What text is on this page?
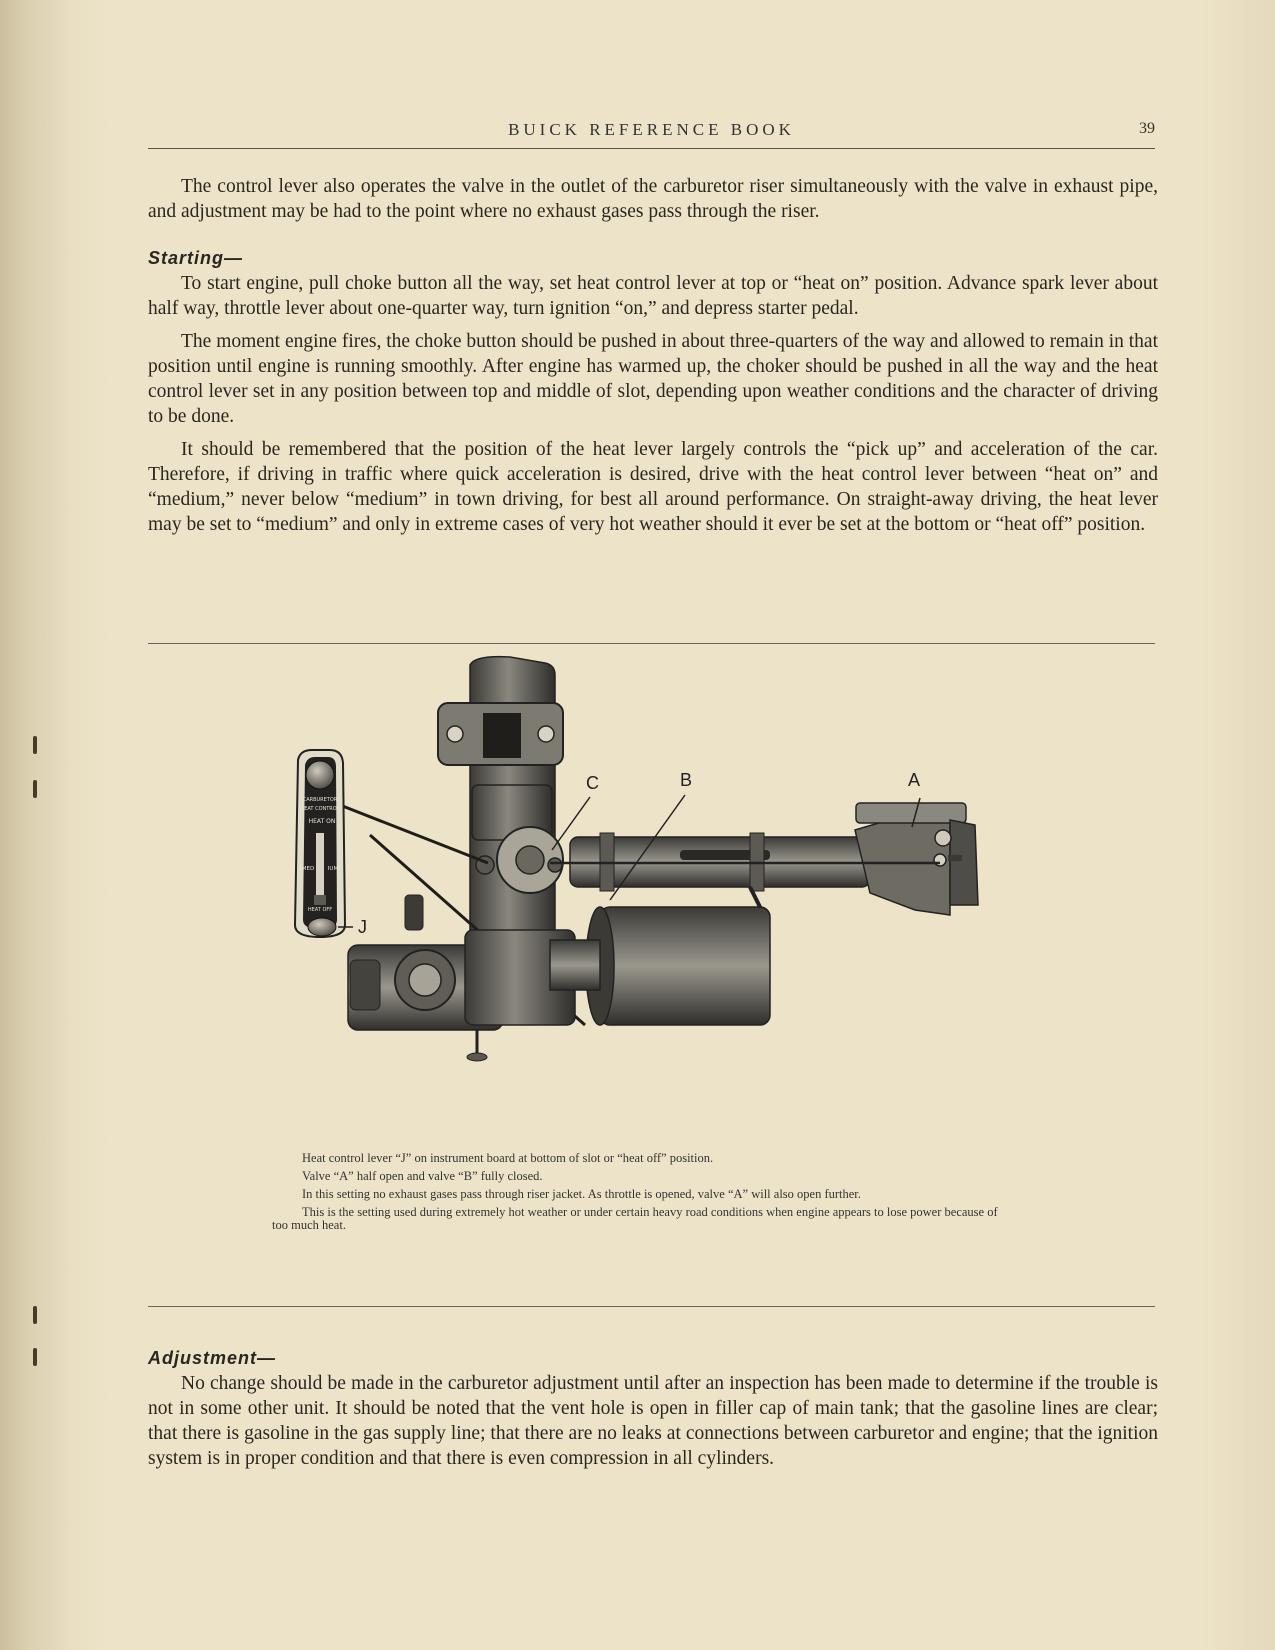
BUICK REFERENCE BOOK	39

The control lever also operates the valve in the outlet of the carburetor riser simultaneously with the valve in exhaust pipe, and adjustment may be had to the point where no exhaust gases pass through the riser.

Starting—

To start engine, pull choke button all the way, set heat control lever at top or “heat on” position. Advance spark lever about half way, throttle lever about one-quarter way, turn ignition “on,” and depress starter pedal.

The moment engine fires, the choke button should be pushed in about three-quarters of the way and allowed to remain in that position until engine is running smoothly. After engine has warmed up, the choker should be pushed in all the way and the heat control lever set in any position between top and middle of slot, depending upon weather conditions and the character of driving to be done.

It should be remembered that the position of the heat lever largely controls the “pick up” and acceleration of the car. Therefore, if driving in traffic where quick acceleration is desired, drive with the heat control lever between “heat on” and “medium,” never below “medium” in town driving, for best all around performance. On straight-away driving, the heat lever may be set to “medium” and only in extreme cases of very hot weather should it ever be set at the bottom or “heat off” position.

CARBURETOR
HEAT CONTROL
HEAT ON
MED IUM
HEAT OFF
C	B	A
J

Heat control lever “J” on instrument board at bottom of slot or “heat off” position.

Valve “A” half open and valve “B” fully closed.

In this setting no exhaust gases pass through riser jacket. As throttle is opened, valve “A” will also open further.

This is the setting used during extremely hot weather or under certain heavy road conditions when engine appears to lose power because of too much heat.

Adjustment—

No change should be made in the carburetor adjustment until after an inspection has been made to determine if the trouble is not in some other unit. It should be noted that the vent hole is open in filler cap of main tank; that the gasoline lines are clear; that there is gasoline in the gas supply line; that there are no leaks at connections between carburetor and engine; that the ignition system is in proper condition and that there is even compression in all cylinders.
